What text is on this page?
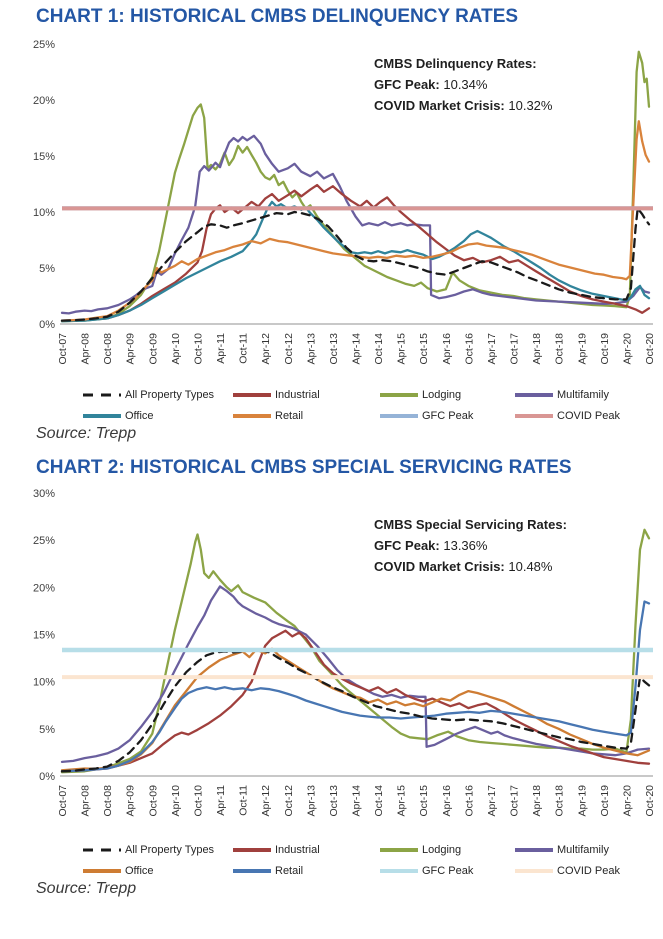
CHART 1: HISTORICAL CMBS DELINQUENCY RATES
0%
5%
10%
15%
20%
25%
Oct-07 Apr-08 Oct-08 Apr-09 Oct-09 Apr-10 Oct-10 Apr-11 Oct-11 Apr-12 Oct-12 Apr-13 Oct-13 Apr-14 Oct-14 Apr-15 Oct-15 Apr-16 Oct-16 Apr-17 Oct-17 Apr-18 Oct-18 Apr-19 Oct-19 Apr-20 Oct-20
CMBS Delinquency Rates:
GFC Peak: 10.34%
COVID Market Crisis: 10.32%
All Property Types	Industrial	Lodging	Multifamily
Office	Retail	GFC Peak	COVID Peak
Source: Trepp
CHART 2: HISTORICAL CMBS SPECIAL SERVICING RATES
0%
5%
10%
15%
20%
25%
30%
Oct-07 Apr-08 Oct-08 Apr-09 Oct-09 Apr-10 Oct-10 Apr-11 Oct-11 Apr-12 Oct-12 Apr-13 Oct-13 Apr-14 Oct-14 Apr-15 Oct-15 Apr-16 Oct-16 Apr-17 Oct-17 Apr-18 Oct-18 Apr-19 Oct-19 Apr-20 Oct-20
CMBS Special Servicing Rates:
GFC Peak: 13.36%
COVID Market Crisis: 10.48%
All Property Types	Industrial	Lodging	Multifamily
Office	Retail	GFC Peak	COVID Peak
Source: Trepp
